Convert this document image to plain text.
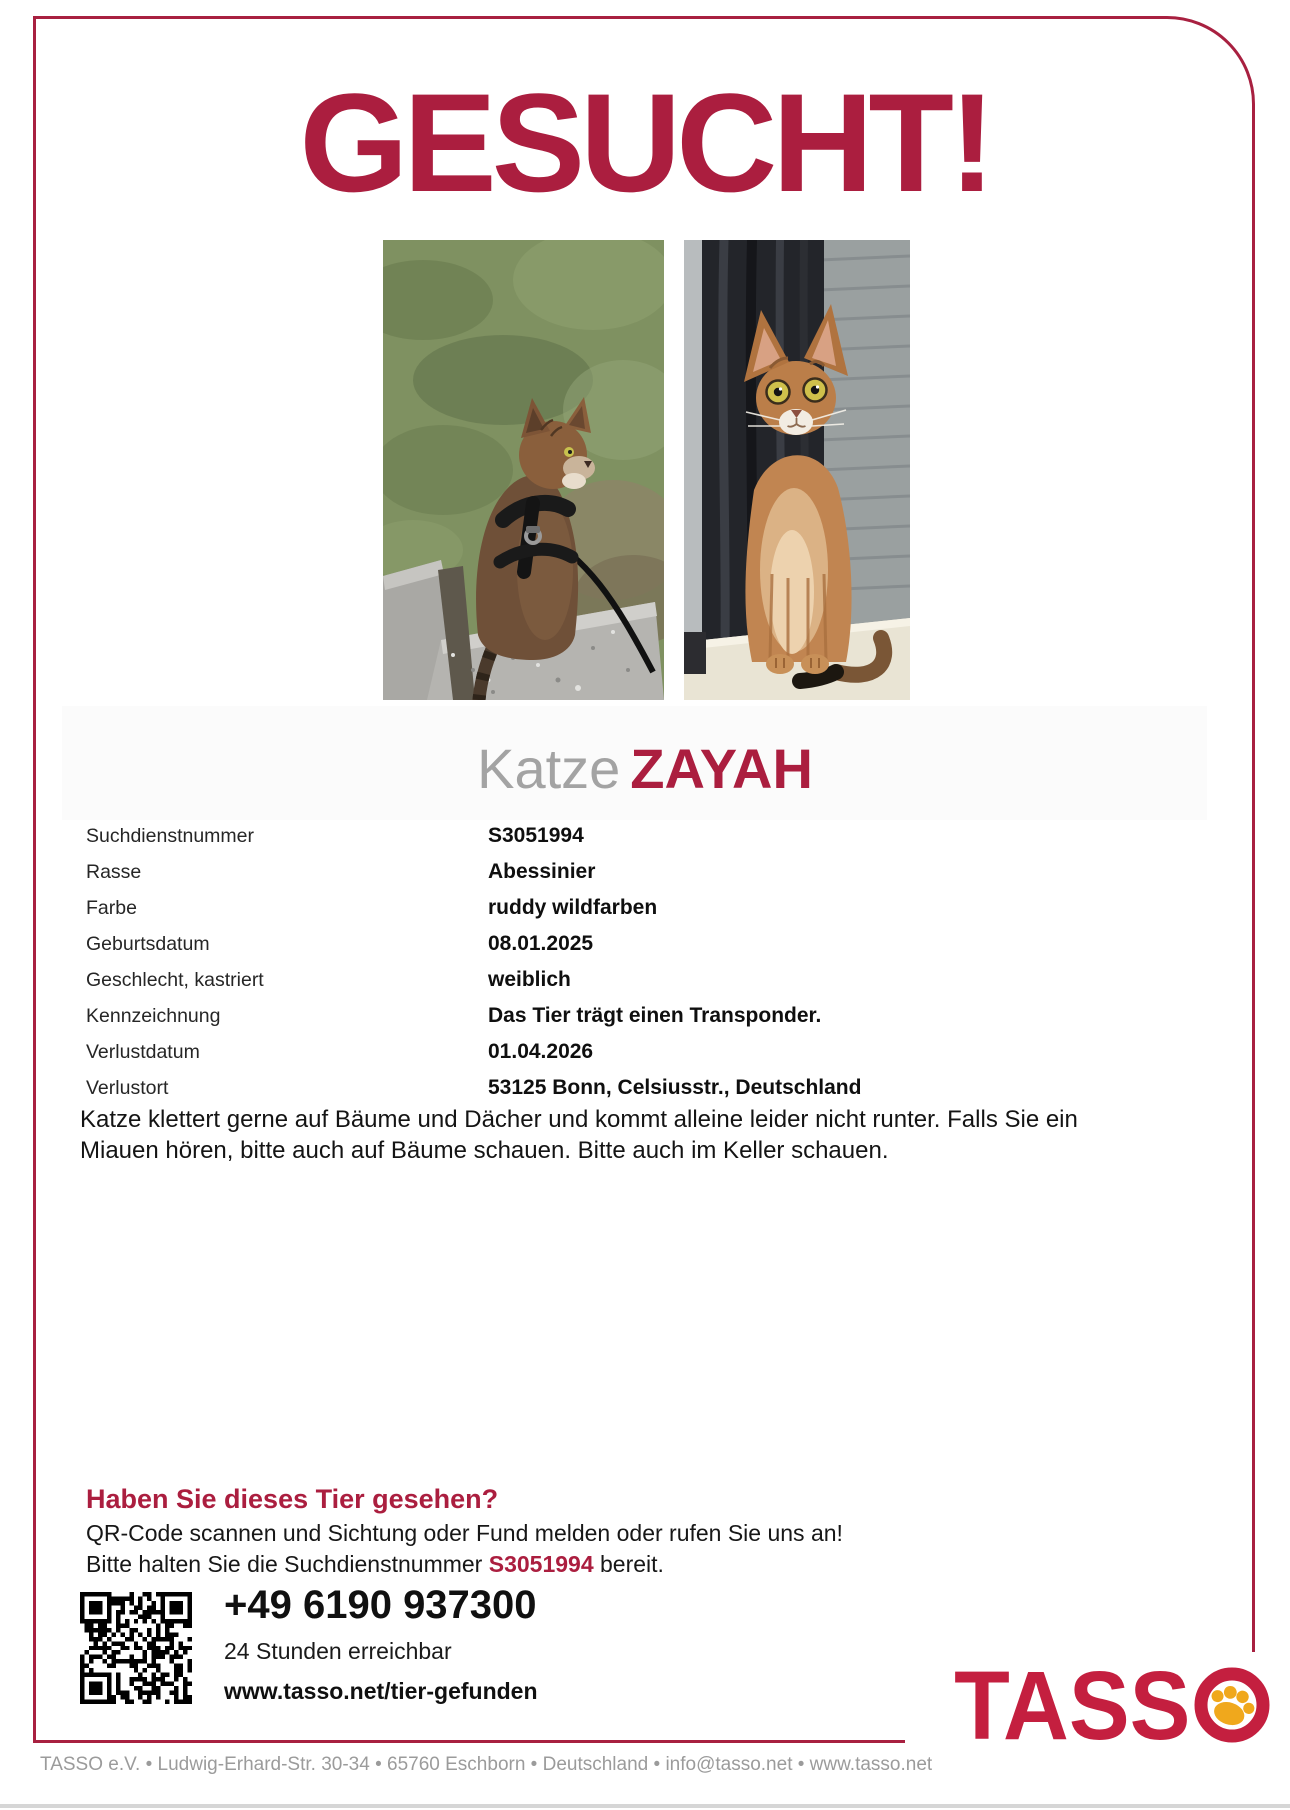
GESUCHT!
Katze ZAYAH
Suchdienstnummer	S3051994
Rasse	Abessinier
Farbe	ruddy wildfarben
Geburtsdatum	08.01.2025
Geschlecht, kastriert	weiblich
Kennzeichnung	Das Tier trägt einen Transponder.
Verlustdatum	01.04.2026
Verlustort	53125 Bonn, Celsiusstr., Deutschland
Katze klettert gerne auf Bäume und Dächer und kommt alleine leider nicht runter. Falls Sie ein Miauen hören, bitte auch auf Bäume schauen. Bitte auch im Keller schauen.
Haben Sie dieses Tier gesehen?
QR-Code scannen und Sichtung oder Fund melden oder rufen Sie uns an!
Bitte halten Sie die Suchdienstnummer S3051994 bereit.
+49 6190 937300
24 Stunden erreichbar
www.tasso.net/tier-gefunden	TASS
TASSO e.V. • Ludwig-Erhard-Str. 30-34 • 65760 Eschborn • Deutschland • info@tasso.net • www.tasso.net
